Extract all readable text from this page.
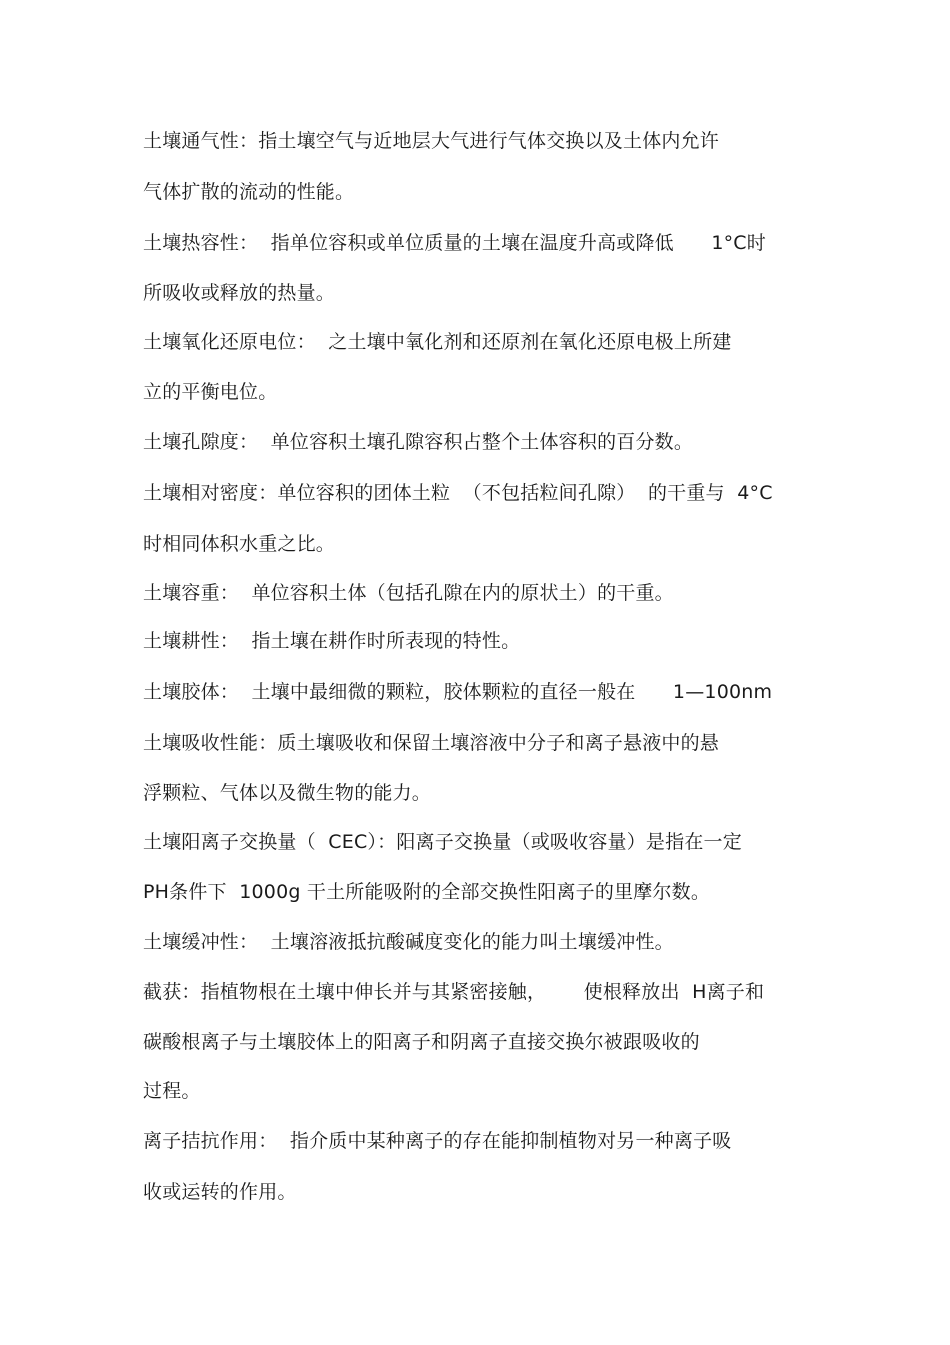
土壤通气性：指土壤空气与近地层大气进行气体交换以及土体内允许
气体扩散的流动的性能。
土壤热容性：  指单位容积或单位质量的土壤在温度升高或降低      1°C时
所吸收或释放的热量。
土壤氧化还原电位：  之土壤中氧化剂和还原剂在氧化还原电极上所建
立的平衡电位。
土壤孔隙度：  单位容积土壤孔隙容积占整个土体容积的百分数。
土壤相对密度：单位容积的团体土粒  （不包括粒间孔隙）  的干重与  4°C
时相同体积水重之比。
土壤容重：  单位容积土体（包括孔隙在内的原状土）的干重。
土壤耕性：  指土壤在耕作时所表现的特性。
土壤胶体：  土壤中最细微的颗粒，胶体颗粒的直径一般在      1—100nm
土壤吸收性能：质土壤吸收和保留土壤溶液中分子和离子悬液中的悬
浮颗粒、气体以及微生物的能力。
土壤阳离子交换量（  CEC）：阳离子交换量（或吸收容量）是指在一定
PH条件下  1000g 干土所能吸附的全部交换性阳离子的里摩尔数。
土壤缓冲性：  土壤溶液抵抗酸碱度变化的能力叫土壤缓冲性。
截获：指植物根在土壤中伸长并与其紧密接触，      使根释放出  H离子和
碳酸根离子与土壤胶体上的阳离子和阴离子直接交换尔被跟吸收的
过程。
离子拮抗作用：  指介质中某种离子的存在能抑制植物对另一种离子吸
收或运转的作用。
